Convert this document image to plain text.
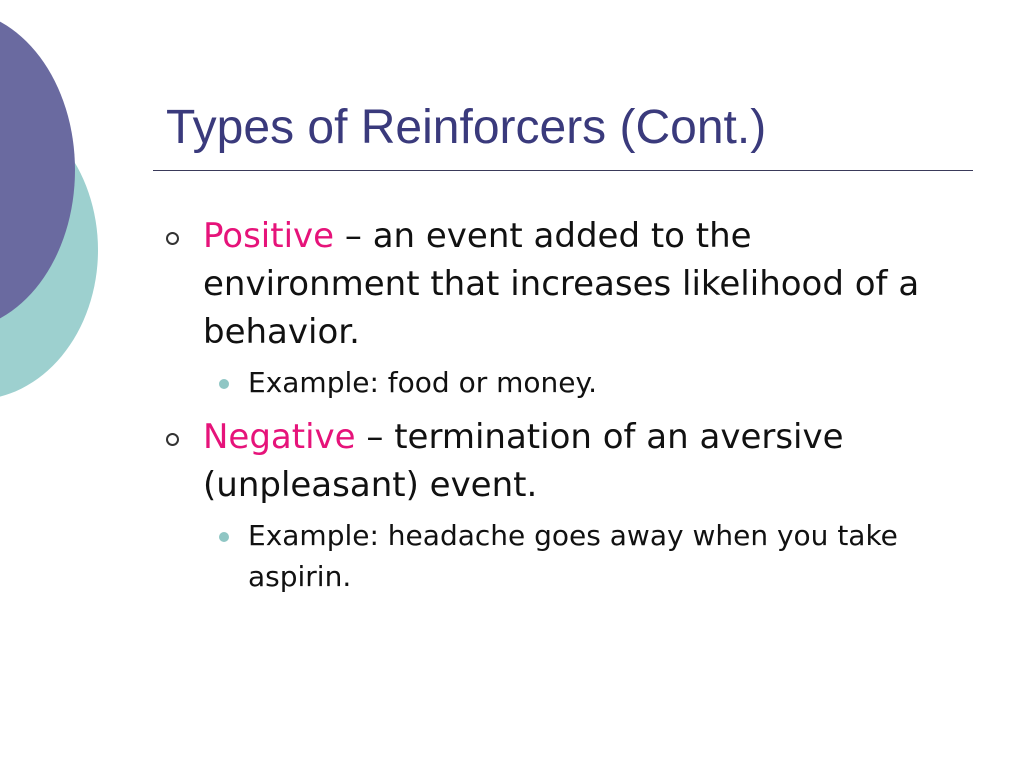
Types of Reinforcers (Cont.)
Positive – an event added to the environment that increases likelihood of a behavior.
Example: food or money.
Negative – termination of an aversive (unpleasant) event.
Example: headache goes away when you take aspirin.
